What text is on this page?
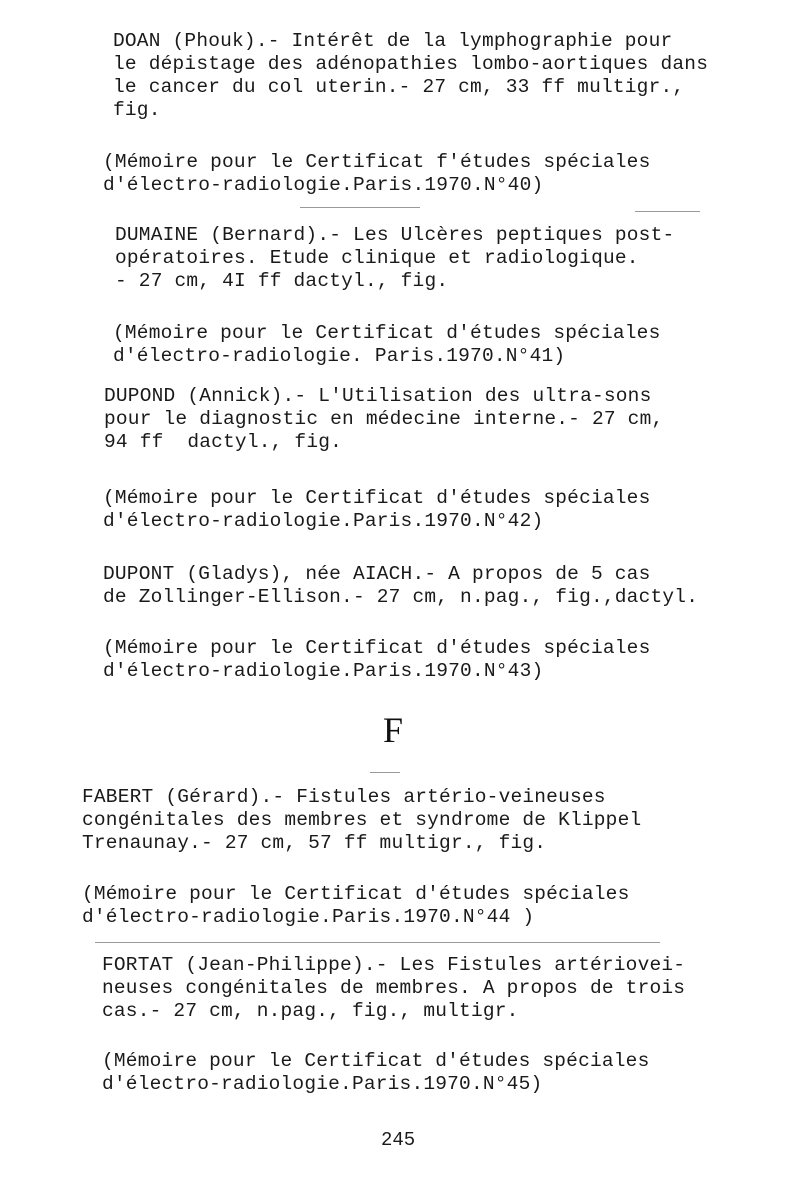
DOAN (Phouk).- Intérêt de la lymphographie pour

le dépistage des adénopathies lombo-aortiques dans

le cancer du col uterin.- 27 cm, 33 ff multigr.,

fig.

(Mémoire pour le Certificat f'études spéciales

d'électro-radiologie.Paris.1970.N°40)

DUMAINE (Bernard).- Les Ulcères peptiques post-

opératoires. Etude clinique et radiologique.

- 27 cm, 4I ff dactyl., fig.

(Mémoire pour le Certificat d'études spéciales

d'électro-radiologie. Paris.1970.N°41)

DUPOND (Annick).- L'Utilisation des ultra-sons

pour le diagnostic en médecine interne.- 27 cm,

94 ff  dactyl., fig.

(Mémoire pour le Certificat d'études spéciales

d'électro-radiologie.Paris.1970.N°42)

DUPONT (Gladys), née AIACH.- A propos de 5 cas

de Zollinger-Ellison.- 27 cm, n.pag., fig.,dactyl.

(Mémoire pour le Certificat d'études spéciales

d'électro-radiologie.Paris.1970.N°43)

F

FABERT (Gérard).- Fistules artério-veineuses

congénitales des membres et syndrome de Klippel

Trenaunay.- 27 cm, 57 ff multigr., fig.

(Mémoire pour le Certificat d'études spéciales

d'électro-radiologie.Paris.1970.N°44 )

FORTAT (Jean-Philippe).- Les Fistules artériovei-

neuses congénitales de membres. A propos de trois

cas.- 27 cm, n.pag., fig., multigr.

(Mémoire pour le Certificat d'études spéciales

d'électro-radiologie.Paris.1970.N°45)

245
